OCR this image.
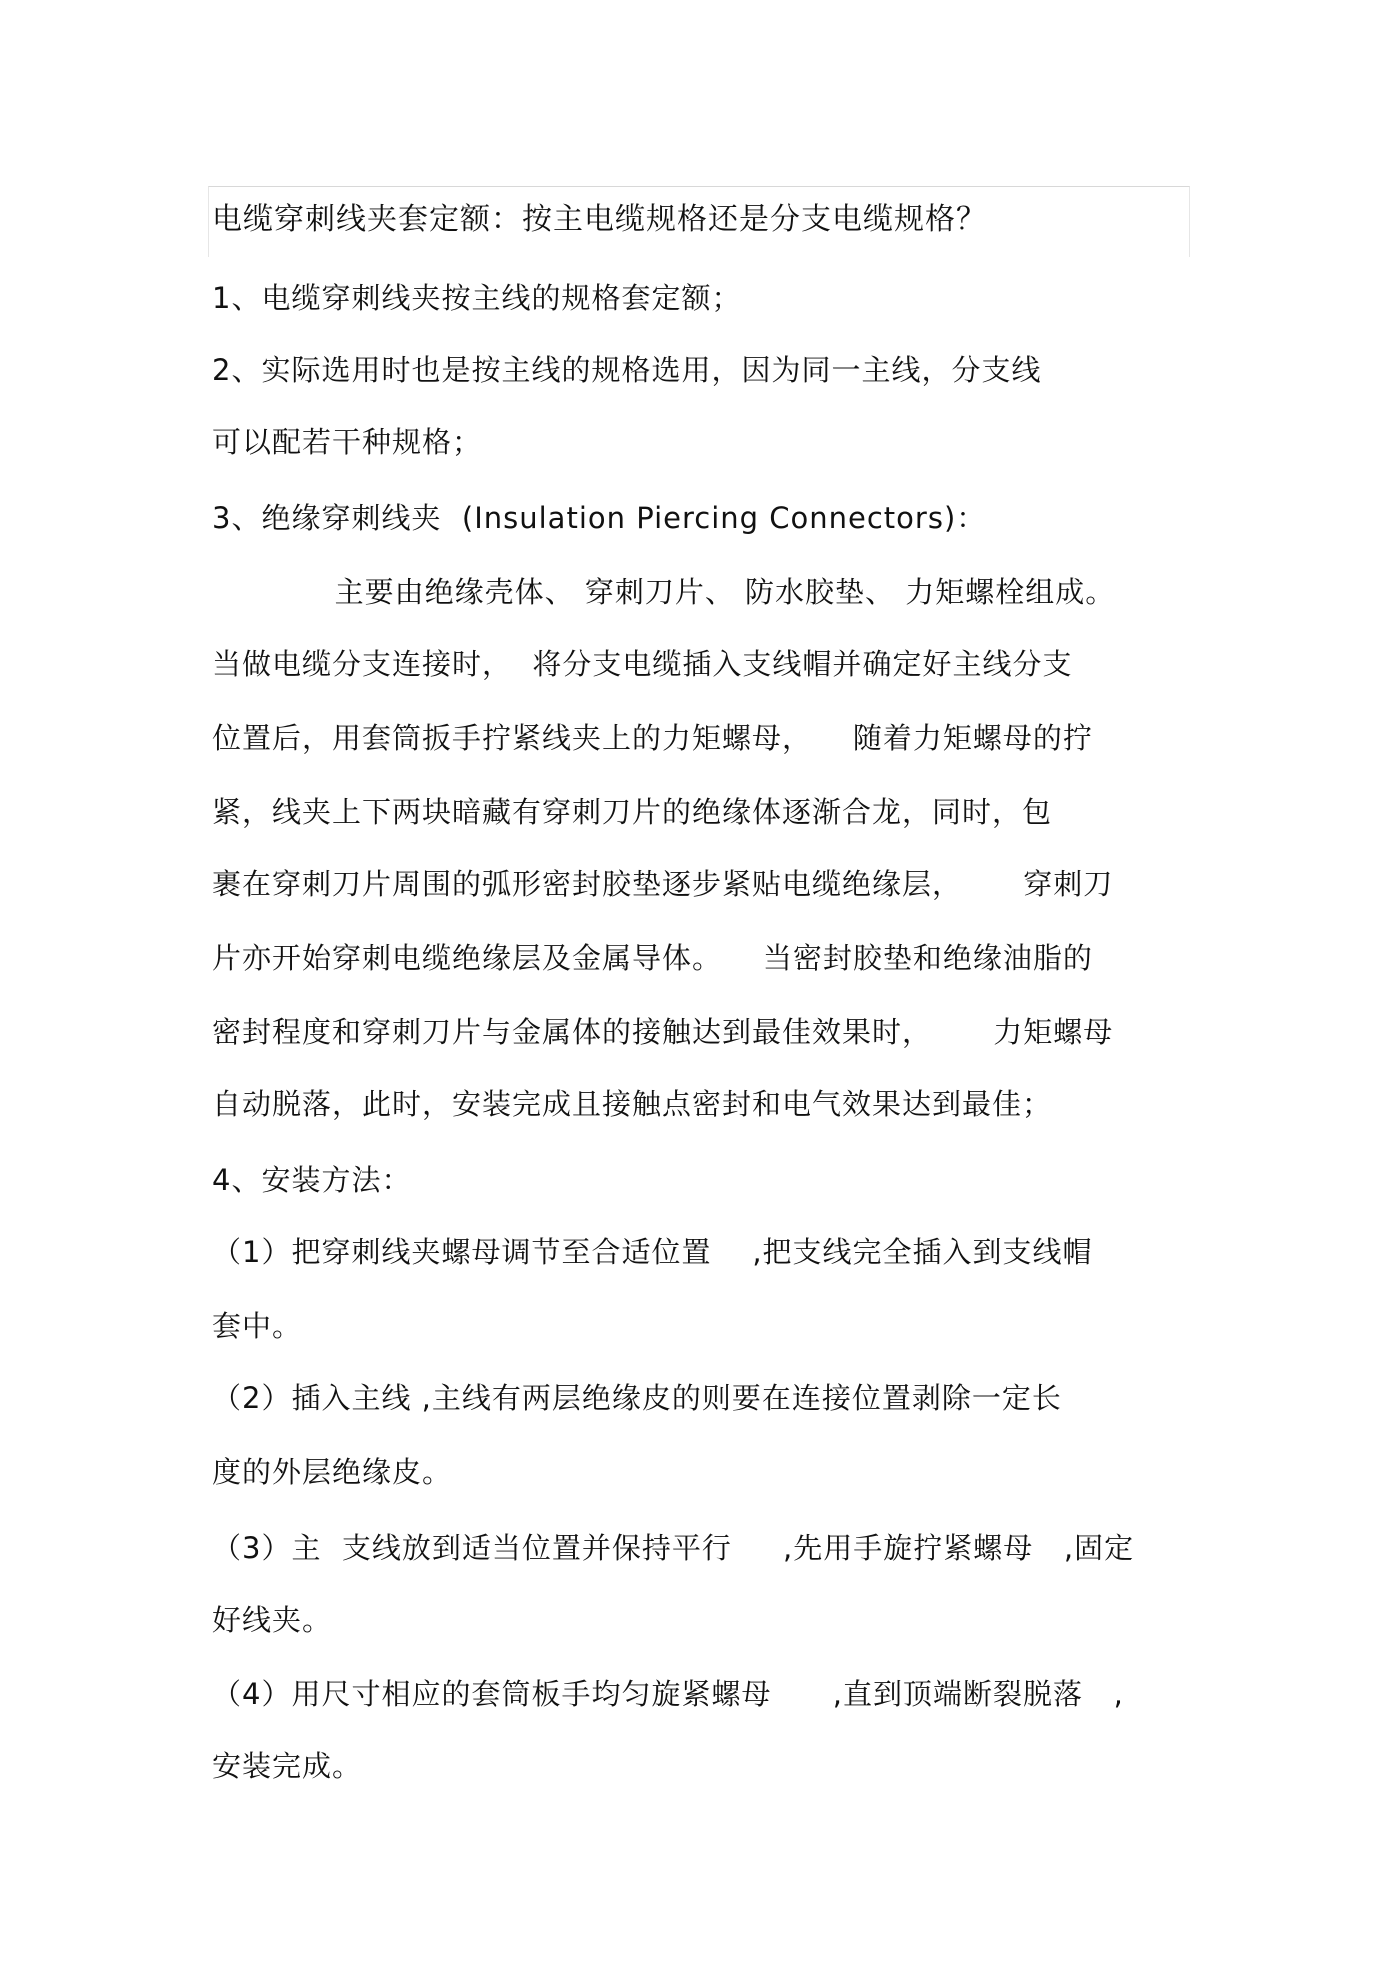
电缆穿刺线夹套定额：按主电缆规格还是分支电缆规格？
1、电缆穿刺线夹按主线的规格套定额；
2、实际选用时也是按主线的规格选用，因为同一主线，分支线
可以配若干种规格；
3、绝缘穿刺线夹  (Insulation Piercing Connectors)：
主要由绝缘壳体、 穿刺刀片、 防水胶垫、 力矩螺栓组成。
当做电缆分支连接时，  将分支电缆插入支线帽并确定好主线分支
位置后，用套筒扳手拧紧线夹上的力矩螺母，    随着力矩螺母的拧
紧，线夹上下两块暗藏有穿刺刀片的绝缘体逐渐合龙，同时，包
裹在穿刺刀片周围的弧形密封胶垫逐步紧贴电缆绝缘层，      穿刺刀
片亦开始穿刺电缆绝缘层及金属导体。    当密封胶垫和绝缘油脂的
密封程度和穿刺刀片与金属体的接触达到最佳效果时，      力矩螺母
自动脱落，此时，安装完成且接触点密封和电气效果达到最佳；
4、安装方法：
（1）把穿刺线夹螺母调节至合适位置    ,把支线完全插入到支线帽
套中。
（2）插入主线 ,主线有两层绝缘皮的则要在连接位置剥除一定长
度的外层绝缘皮。
（3）主  支线放到适当位置并保持平行     ,先用手旋拧紧螺母   ,固定
好线夹。
（4）用尺寸相应的套筒板手均匀旋紧螺母      ,直到顶端断裂脱落   ,
安装完成。
